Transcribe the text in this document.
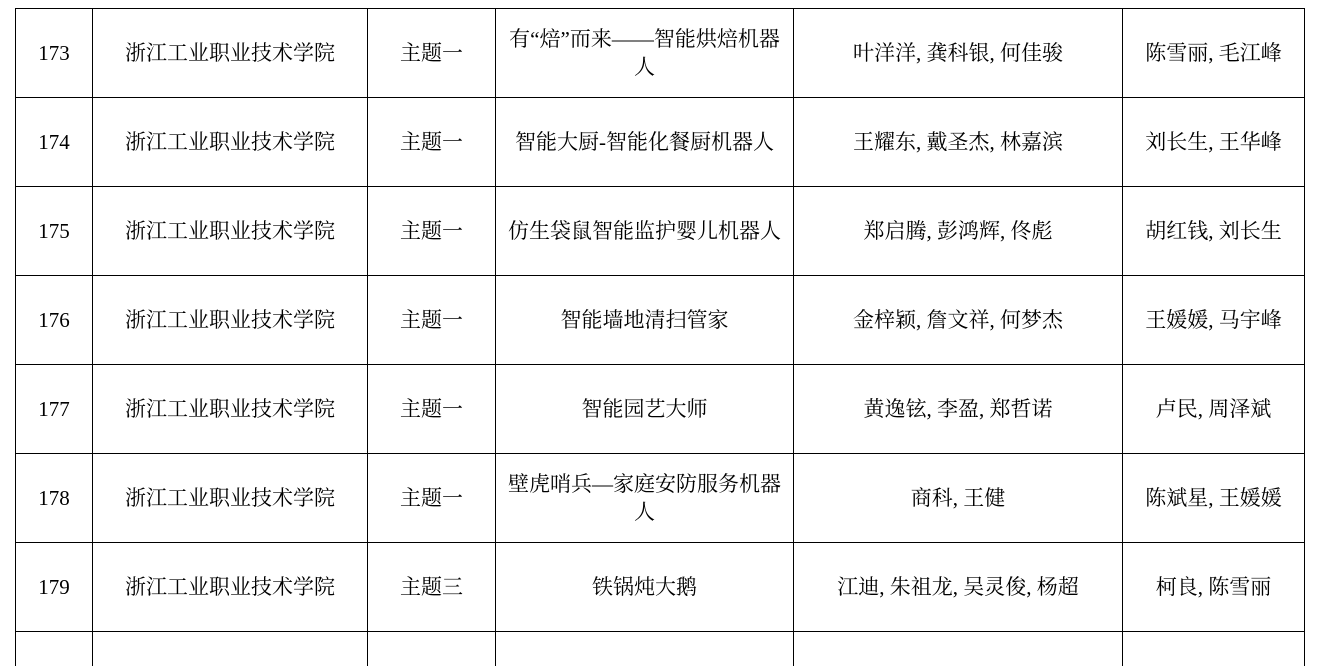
173	浙江工业职业技术学院	主题一	有“焙”而来——智能烘焙机器人	叶洋洋, 龚科银, 何佳骏	陈雪丽, 毛江峰
174	浙江工业职业技术学院	主题一	智能大厨-智能化餐厨机器人	王耀东, 戴圣杰, 林嘉滨	刘长生, 王华峰
175	浙江工业职业技术学院	主题一	仿生袋鼠智能监护婴儿机器人	郑启腾, 彭鸿辉, 佟彪	胡红钱, 刘长生
176	浙江工业职业技术学院	主题一	智能墙地清扫管家	金梓颖, 詹文祥, 何梦杰	王媛媛, 马宇峰
177	浙江工业职业技术学院	主题一	智能园艺大师	黄逸铉, 李盈, 郑哲诺	卢民, 周泽斌
178	浙江工业职业技术学院	主题一	壁虎哨兵—家庭安防服务机器人	商科, 王健	陈斌星, 王媛媛
179	浙江工业职业技术学院	主题三	铁锅炖大鹅	江迪, 朱祖龙, 吴灵俊, 杨超	柯良, 陈雪丽
